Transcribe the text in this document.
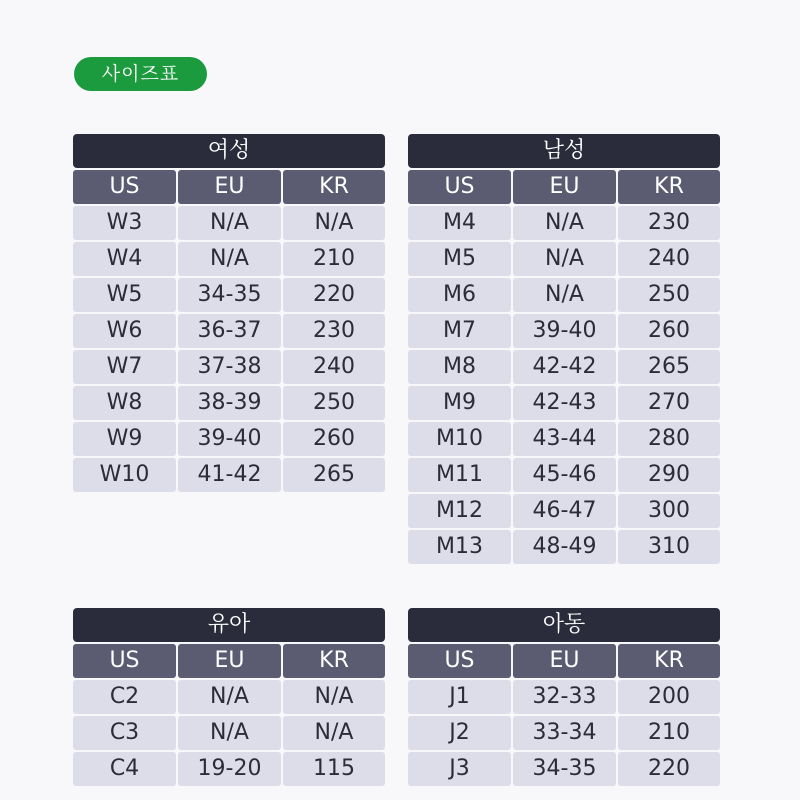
사이즈표
여성
US	EU	KR
W3	N/A	N/A
W4	N/A	210
W5	34-35	220
W6	36-37	230
W7	37-38	240
W8	38-39	250
W9	39-40	260
W10	41-42	265
남성
US	EU	KR
M4	N/A	230
M5	N/A	240
M6	N/A	250
M7	39-40	260
M8	42-42	265
M9	42-43	270
M10	43-44	280
M11	45-46	290
M12	46-47	300
M13	48-49	310
유아
US	EU	KR
C2	N/A	N/A
C3	N/A	N/A
C4	19-20	115
아동
US	EU	KR
J1	32-33	200
J2	33-34	210
J3	34-35	220
